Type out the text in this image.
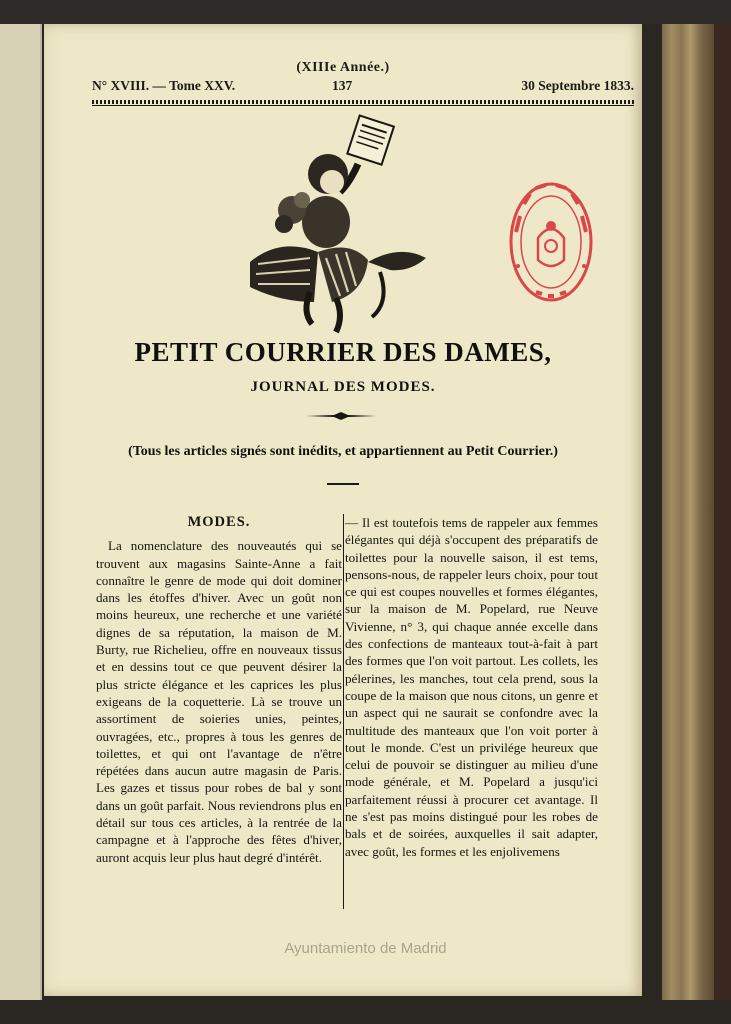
(XIIIe Année.)
N° XVIII. — Tome XXV.	137	30 Septembre 1833.
PETIT COURRIER DES DAMES,
JOURNAL DES MODES.
(Tous les articles signés sont inédits, et appartiennent au Petit Courrier.)
MODES.

La nomenclature des nouveautés qui se trouvent aux magasins Sainte-Anne a fait connaître le genre de mode qui doit dominer dans les étoffes d'hiver. Avec un goût non moins heureux, une recherche et une variété dignes de sa réputation, la maison de M. Burty, rue Richelieu, offre en nouveaux tissus et en dessins tout ce que peuvent désirer la plus stricte élégance et les caprices les plus exigeans de la coquetterie. Là se trouve un assortiment de soieries unies, peintes, ouvragées, etc., propres à tous les genres de toilettes, et qui ont l'avantage de n'être répétées dans aucun autre magasin de Paris. Les gazes et tissus pour robes de bal y sont dans un goût parfait. Nous reviendrons plus en détail sur tous ces articles, à la rentrée de la campagne et à l'approche des fêtes d'hiver, auront acquis leur plus haut degré d'intérêt.

— Il est toutefois tems de rappeler aux femmes élégantes qui déjà s'occupent des préparatifs de toilettes pour la nouvelle saison, il est tems, pensons-nous, de rappeler leurs choix, pour tout ce qui est coupes nouvelles et formes élégantes, sur la maison de M. Popelard, rue Neuve Vivienne, n° 3, qui chaque année excelle dans des confections de manteaux tout-à-fait à part des formes que l'on voit partout. Les collets, les pélerines, les manches, tout cela prend, sous la coupe de la maison que nous citons, un genre et un aspect qui ne saurait se confondre avec la multitude des manteaux que l'on voit porter à tout le monde. C'est un privilége heureux que celui de pouvoir se distinguer au milieu d'une mode générale, et M. Popelard a jusqu'ici parfaitement réussi à procurer cet avantage. Il ne s'est pas moins distingué pour les robes de bals et de soirées, auxquelles il sait adapter, avec goût, les formes et les enjolivemens

Ayuntamiento de Madrid
